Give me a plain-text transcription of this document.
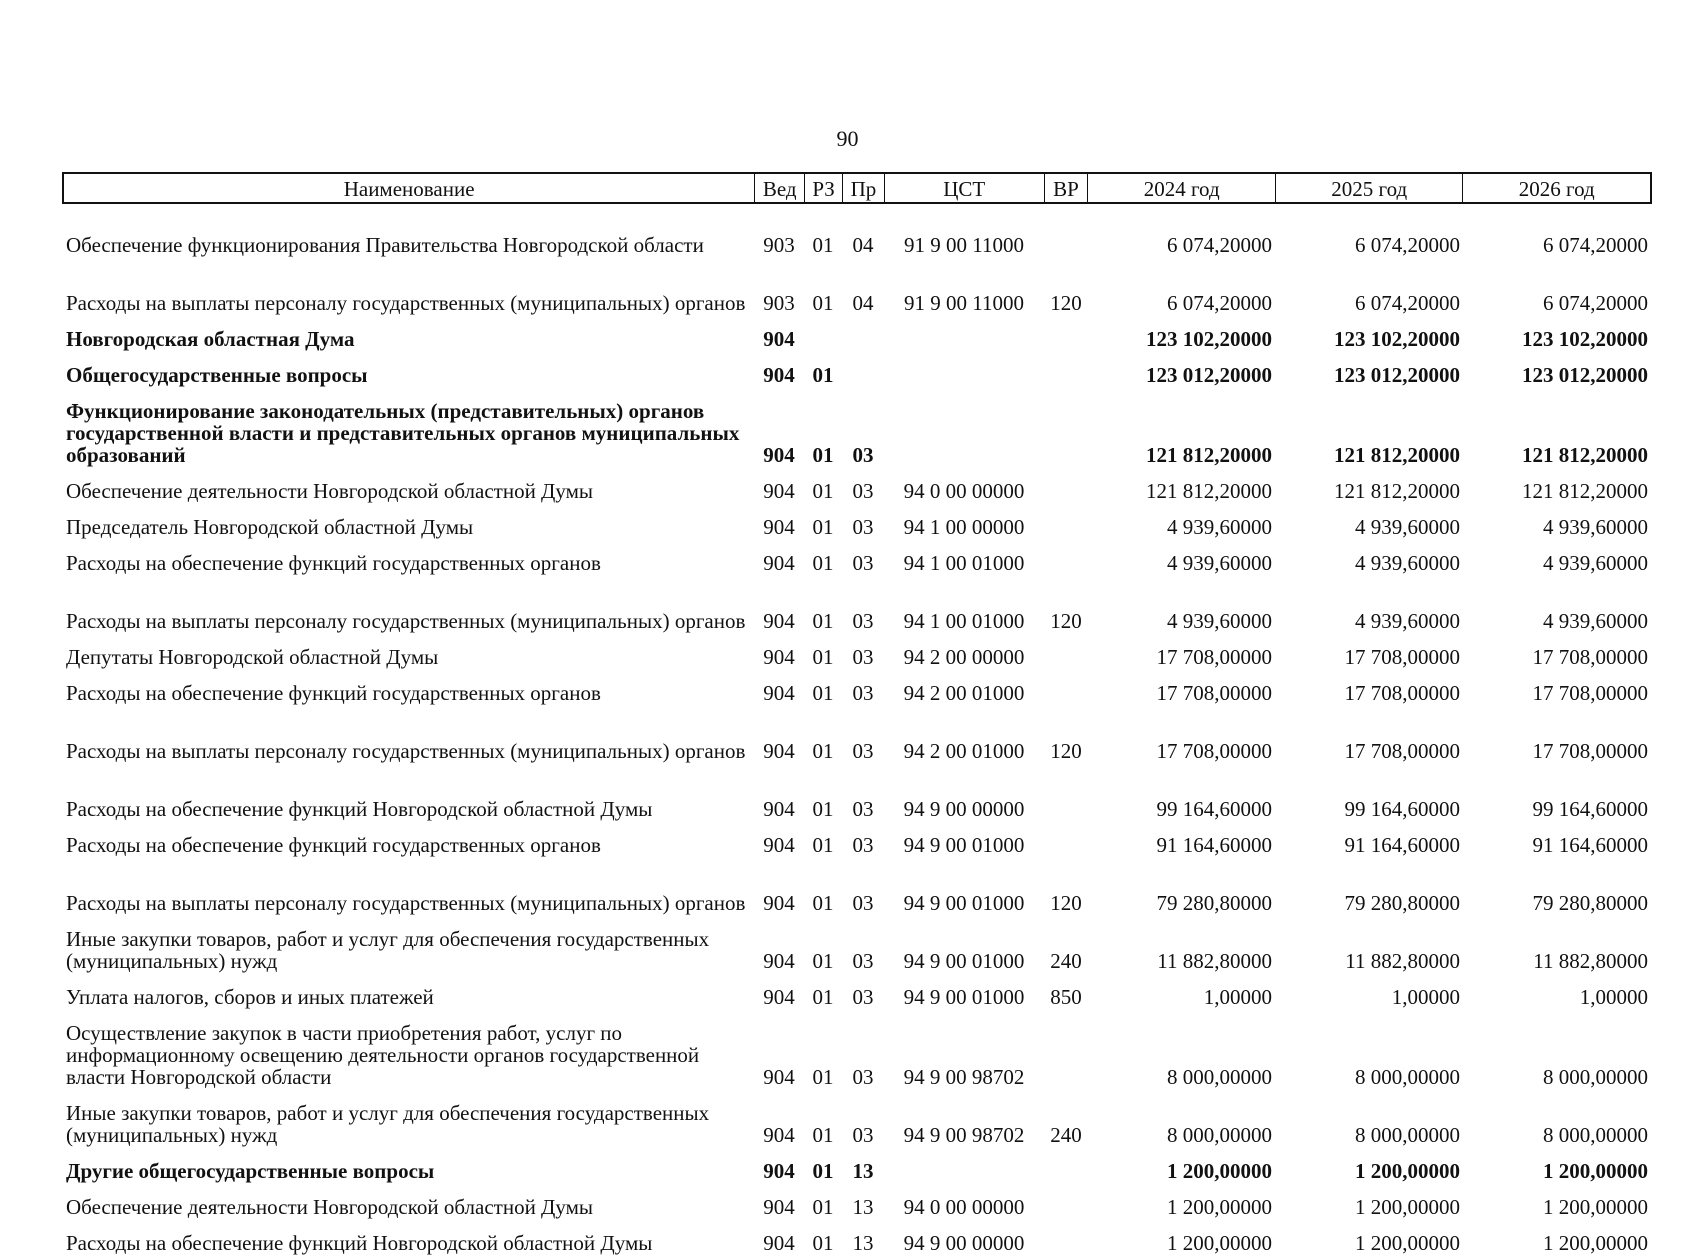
90
Наименование	Вед РЗ Пр	ЦСТ	ВР	2024 год	2025 год	2026 год
Обеспечение функционирования Правительства Новгородской области	903 01 04	91 9 00 11000	6 074,20000	6 074,20000	6 074,20000
Расходы на выплаты персоналу государственных (муниципальных) органов 903 01 04	91 9 00 11000	120	6 074,20000	6 074,20000	6 074,20000
Новгородская областная Дума	904	123 102,20000	123 102,20000	123 102,20000
Общегосударственные вопросы	904 01	123 012,20000	123 012,20000	123 012,20000
Функционирование законодательных (представительных) органов государственной власти и представительных органов муниципальных образований	904 01 03	121 812,20000	121 812,20000	121 812,20000
Обеспечение деятельности Новгородской областной Думы	904 01 03	94 0 00 00000	121 812,20000	121 812,20000	121 812,20000
Председатель Новгородской областной Думы	904 01 03	94 1 00 00000	4 939,60000	4 939,60000	4 939,60000
Расходы на обеспечение функций государственных органов	904 01 03	94 1 00 01000	4 939,60000	4 939,60000	4 939,60000
Расходы на выплаты персоналу государственных (муниципальных) органов 904 01 03	94 1 00 01000	120	4 939,60000	4 939,60000	4 939,60000
Депутаты Новгородской областной Думы	904 01 03	94 2 00 00000	17 708,00000	17 708,00000	17 708,00000
Расходы на обеспечение функций государственных органов	904 01 03	94 2 00 01000	17 708,00000	17 708,00000	17 708,00000
Расходы на выплаты персоналу государственных (муниципальных) органов 904 01 03	94 2 00 01000	120	17 708,00000	17 708,00000	17 708,00000
Расходы на обеспечение функций Новгородской областной Думы	904 01 03	94 9 00 00000	99 164,60000	99 164,60000	99 164,60000
Расходы на обеспечение функций государственных органов	904 01 03	94 9 00 01000	91 164,60000	91 164,60000	91 164,60000
Расходы на выплаты персоналу государственных (муниципальных) органов 904 01 03	94 9 00 01000	120	79 280,80000	79 280,80000	79 280,80000
Иные закупки товаров, работ и услуг для обеспечения государственных (муниципальных) нужд	904 01 03	94 9 00 01000	240	11 882,80000	11 882,80000	11 882,80000
Уплата налогов, сборов и иных платежей	904 01 03	94 9 00 01000	850	1,00000	1,00000	1,00000
Осуществление закупок в части приобретения работ, услуг по информационному освещению деятельности органов государственной власти Новгородской области	904 01 03	94 9 00 98702	8 000,00000	8 000,00000	8 000,00000
Иные закупки товаров, работ и услуг для обеспечения государственных (муниципальных) нужд	904 01 03	94 9 00 98702	240	8 000,00000	8 000,00000	8 000,00000
Другие общегосударственные вопросы	904 01 13	1 200,00000	1 200,00000	1 200,00000
Обеспечение деятельности Новгородской областной Думы	904 01 13	94 0 00 00000	1 200,00000	1 200,00000	1 200,00000
Расходы на обеспечение функций Новгородской областной Думы	904 01 13	94 9 00 00000	1 200,00000	1 200,00000	1 200,00000
